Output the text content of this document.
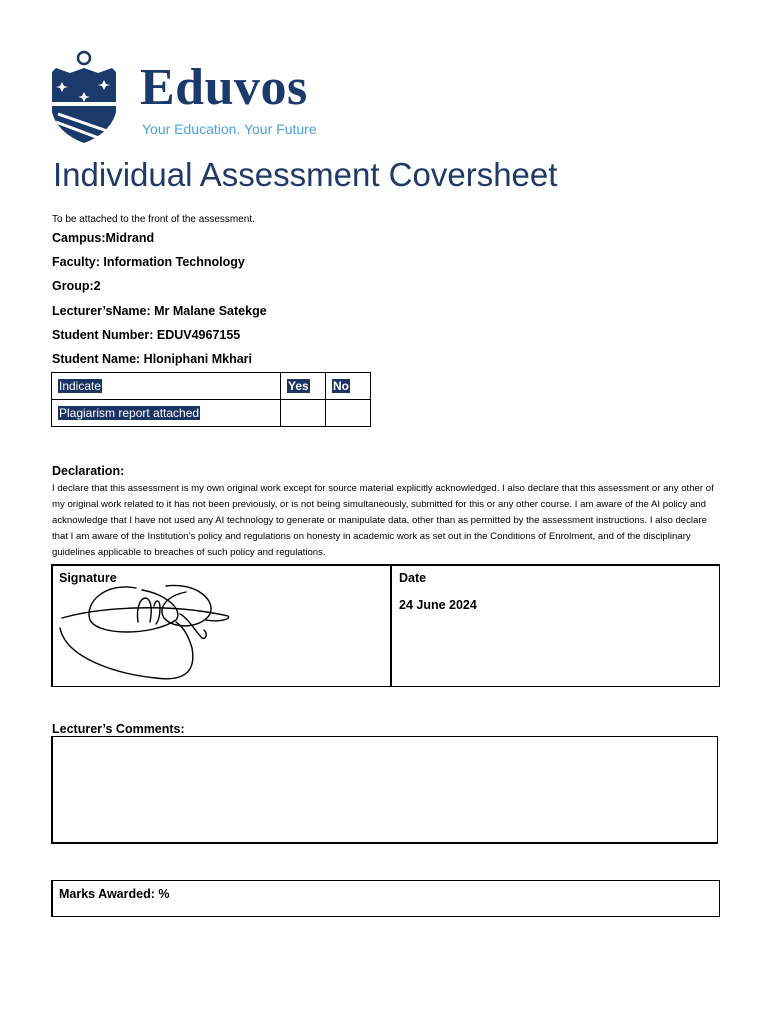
Eduvos
Your Education. Your Future
Individual Assessment Coversheet
To be attached to the front of the assessment.
Campus:Midrand
Faculty: Information Technology
Group:2
Lecturer’sName: Mr Malane Satekge
Student Number: EDUV4967155
Student Name: Hloniphani Mkhari
Indicate	Yes	No
Plagiarism report attached		
Declaration:
I declare that this assessment is my own original work except for source material explicitly acknowledged. I also declare that this assessment or any other of my original work related to it has not been previously, or is not being simultaneously, submitted for this or any other course. I am aware of the AI policy and acknowledge that I have not used any AI technology to generate or manipulate data, other than as permitted by the assessment instructions. I also declare that I am aware of the Institution’s policy and regulations on honesty in academic work as set out in the Conditions of Enrolment, and of the disciplinary guidelines applicable to breaches of such policy and regulations.
Signature	Date
24 June 2024
Lecturer’s Comments:
Marks Awarded: %
